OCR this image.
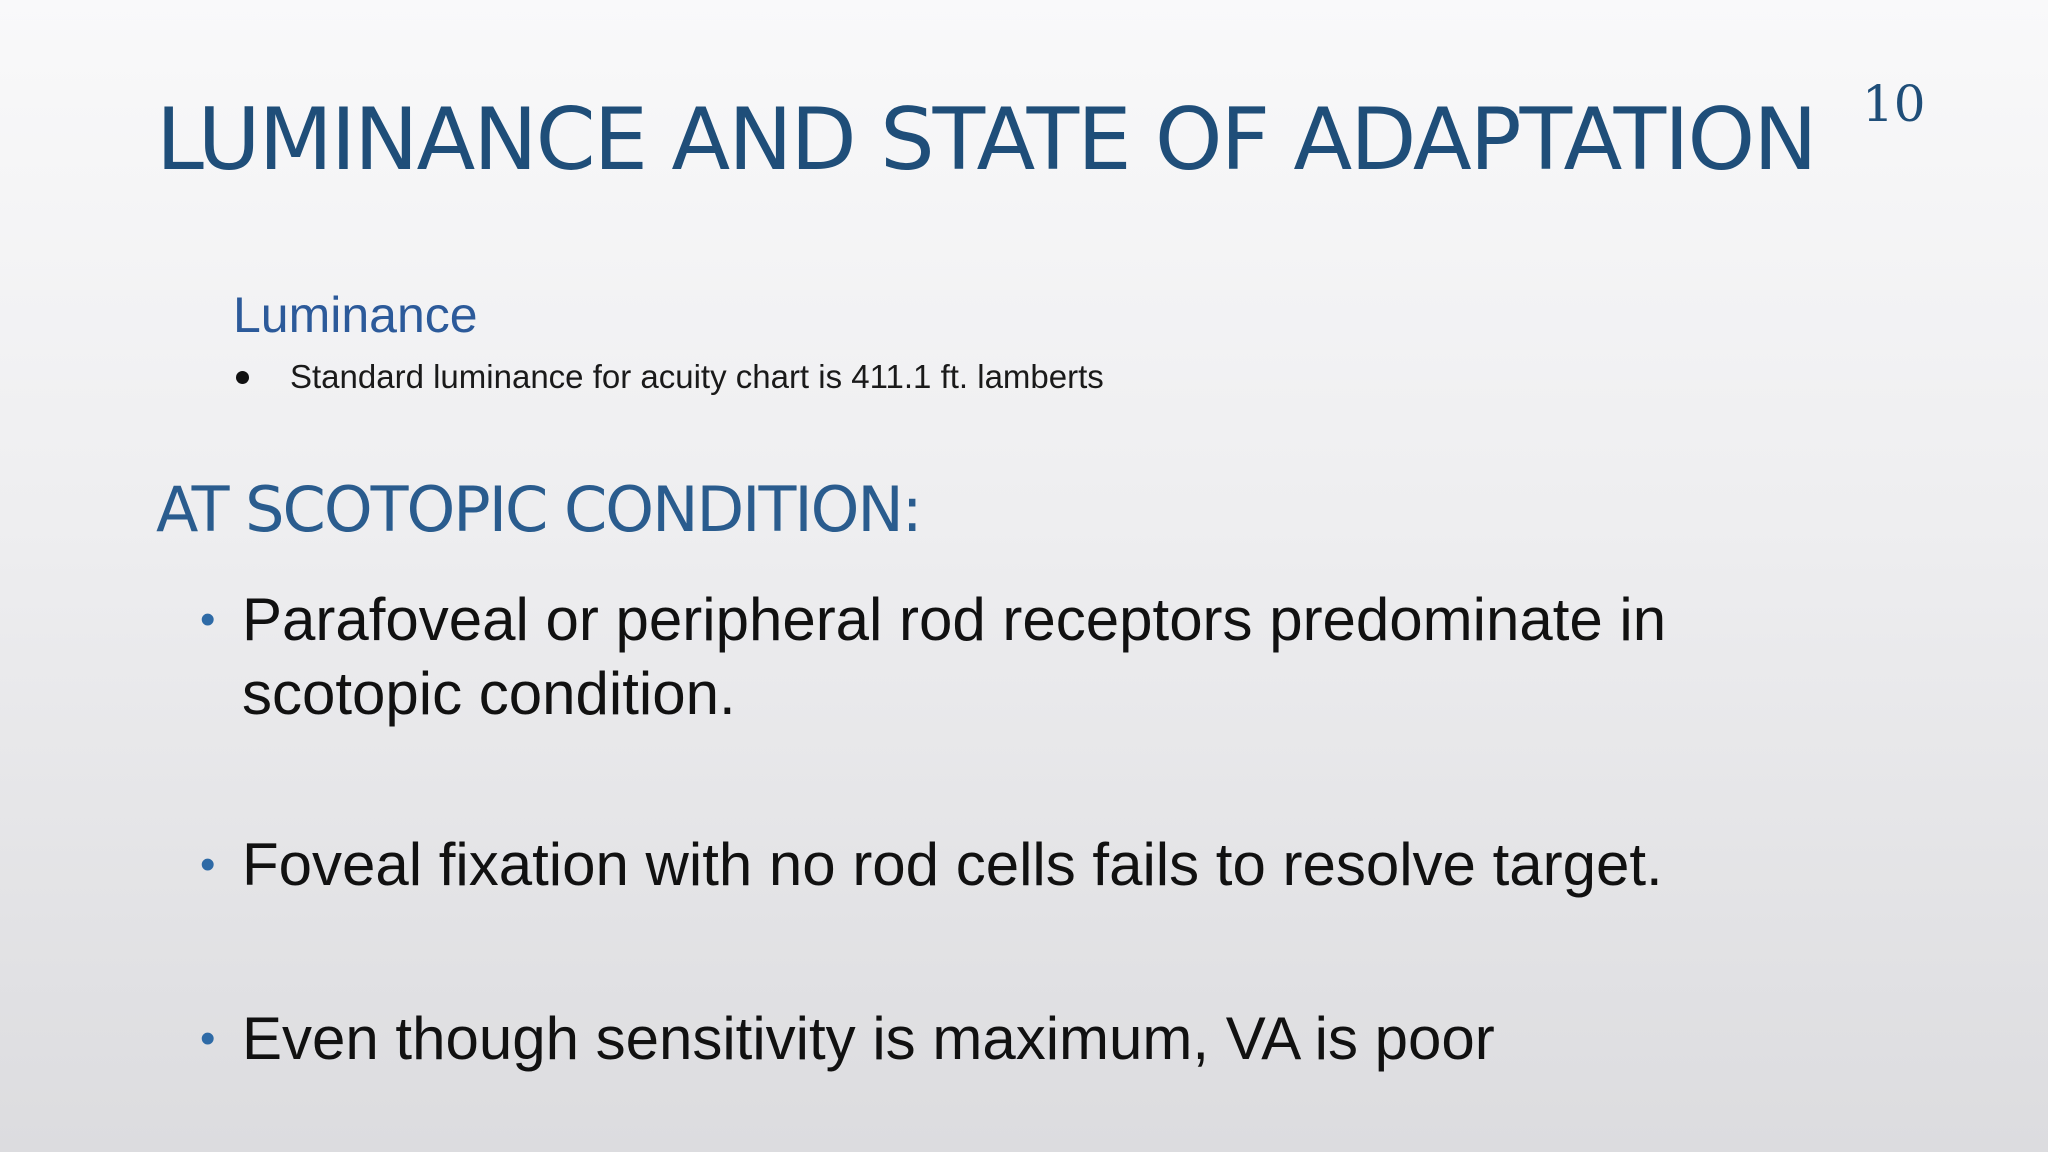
LUMINANCE AND STATE OF ADAPTATION 10
Luminance
Standard luminance for acuity chart is 411.1 ft. lamberts
AT SCOTOPIC CONDITION:
• Parafoveal or peripheral rod receptors predominate in scotopic condition.
• Foveal fixation with no rod cells fails to resolve target.
• Even though sensitivity is maximum, VA is poor
